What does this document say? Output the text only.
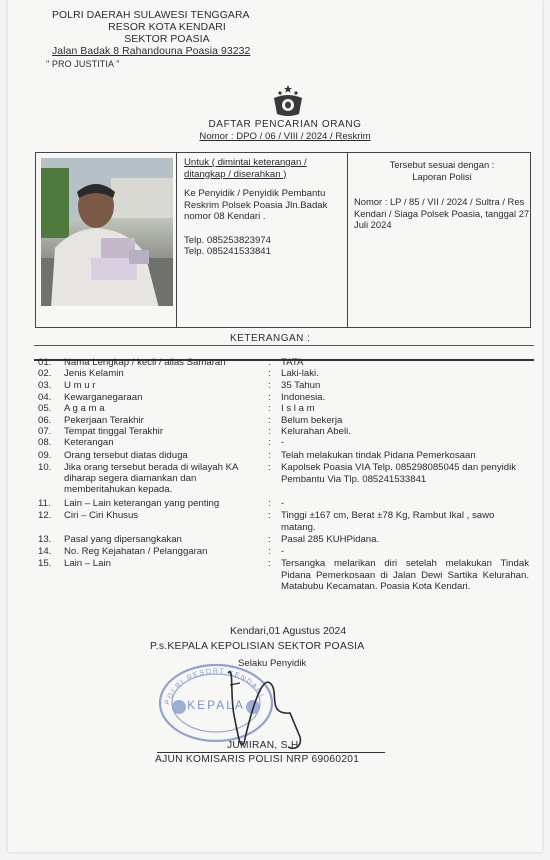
POLRI DAERAH SULAWESI TENGGARA
RESOR KOTA KENDARI
SEKTOR POASIA
Jalan Badak 8 Rahandouna Poasia 93232
" PRO JUSTITIA "
DAFTAR PENCARIAN ORANG
Nomor : DPO / 06 / VIII / 2024 / Reskrim
Untuk ( dimintai keterangan / ditangkap / diserahkan )
Ke Penyidik / Penyidik Pembantu Reskrim Polsek Poasia Jln.Badak nomor 08 Kendari .
Telp. 085253823974
Telp. 085241533841
Tersebut sesuai dengan :
Laporan Polisi
Nomor : LP / 85 / VII / 2024 / Sultra / Res Kendari / Siaga Polsek Poasia, tanggal 27 Juli 2024
KETERANGAN :
01. Nama Lengkap / kecil / alias Samaran	: TATA
02. Jenis Kelamin	: Laki-laki.
03. U m u r	: 35 Tahun
04. Kewarganegaraan	: Indonesia.
05. A g a m a	: I s l a m
06. Pekerjaan Terakhir	: Belum bekerja
07. Tempat tinggal Terakhir	: Kelurahan Abeli.
08. Keterangan	: -
09. Orang tersebut diatas diduga	: Telah melakukan tindak Pidana Pemerkosaan
10. Jika orang tersebut berada di wilayah KA diharap segera diamankan dan memberitahukan kepada.
: Kapolsek Poasia VIA Telp. 085298085045 dan penyidik Pembantu Via Tlp. 085241533841
11. Lain – Lain keterangan yang penting	: -
12. Ciri – Ciri Khusus	: Tinggi ±167 cm, Berat ±78 Kg, Rambut Ikal , sawo matang.
13. Pasal yang dipersangkakan	: Pasal 285 KUHPidana.
14. No. Reg Kejahatan / Pelanggaran	: -
15. Lain – Lain	: Tersangka melarikan diri setelah melakukan Tindak Pidana Pemerkosaan di Jalan Dewi Sartika Kelurahan. Matabubu Kecamatan. Poasia Kota Kendari.
Kendari,01 Agustus 2024
P.s.KEPALA KEPOLISIAN SEKTOR POASIA
Selaku Penyidik
POLRI RESORT KENDARI
KEPALA
JUMIRAN, S.H
AJUN KOMISARIS POLISI NRP 69060201
